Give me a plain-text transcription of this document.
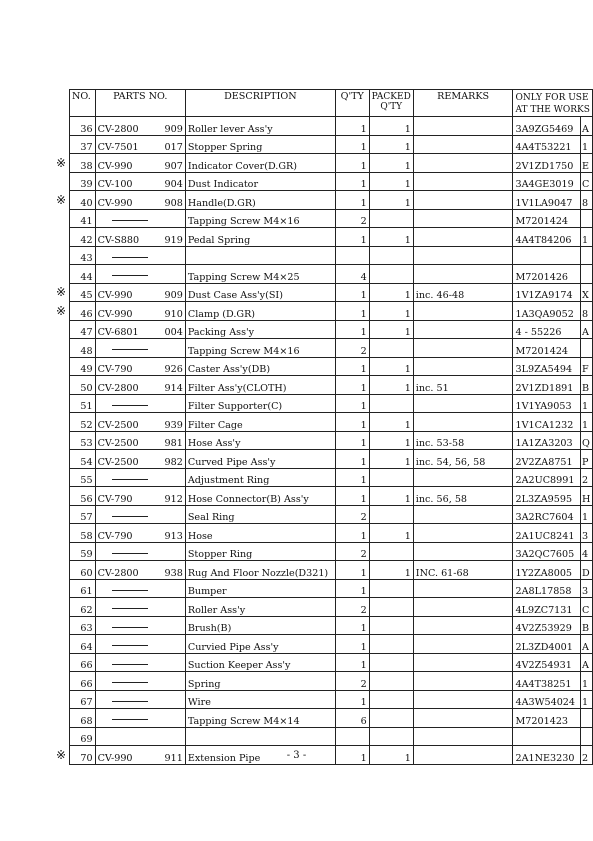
NO.	PARTS NO.		DESCRIPTION	Q'TY	PACKED
Q'TY	REMARKS	ONLY FOR USE
AT THE WORKS	
36	CV-2800	909	Roller lever Ass'y	1	1		3A9ZG5469	A
37	CV-7501	017	Stopper Spring	1	1		4A4T53221	1
38	CV-990	907	Indicator Cover(D.GR)	1	1		2V1ZD1750	E
39	CV-100	904	Dust Indicator	1	1		3A4GE3019	C
40	CV-990	908	Handle(D.GR)	1	1		1V1LA9047	8
41			Tapping Screw M4×16	2			M7201424	
42	CV-S880	919	Pedal Spring	1	1		4A4T84206	1
43								
44			Tapping Screw M4×25	4			M7201426	
45	CV-990	909	Dust Case Ass'y(SI)	1	1	inc. 46-48	1V1ZA9174	X
46	CV-990	910	Clamp (D.GR)	1	1		1A3QA9052	8
47	CV-6801	004	Packing Ass'y	1	1		4 - 55226	A
48			Tapping Screw M4×16	2			M7201424	
49	CV-790	926	Caster Ass'y(DB)	1	1		3L9ZA5494	F
50	CV-2800	914	Filter Ass'y(CLOTH)	1	1	inc. 51	2V1ZD1891	B
51			Filter Supporter(C)	1			1V1YA9053	1
52	CV-2500	939	Filter Cage	1	1		1V1CA1232	1
53	CV-2500	981	Hose Ass'y	1	1	inc. 53-58	1A1ZA3203	Q
54	CV-2500	982	Curved Pipe Ass'y	1	1	inc. 54, 56, 58	2V2ZA8751	P
55			Adjustment Ring	1			2A2UC8991	2
56	CV-790	912	Hose Connector(B) Ass'y	1	1	inc. 56, 58	2L3ZA9595	H
57			Seal Ring	2			3A2RC7604	1
58	CV-790	913	Hose	1	1		2A1UC8241	3
59			Stopper Ring	2			3A2QC7605	4
60	CV-2800	938	Rug And Floor Nozzle(D321)	1	1	INC. 61-68	1Y2ZA8005	D
61			Bumper	1			2A8L17858	3
62			Roller Ass'y	2			4L9ZC7131	C
63			Brush(B)	1			4V2Z53929	B
64			Curvied Pipe Ass'y	1			2L3ZD4001	A
66			Suction Keeper Ass'y	1			4V2Z54931	A
66			Spring	2			4A4T38251	1
67			Wire	1			4A3W54024	1
68			Tapping Screw M4×14	6			M7201423	
69								
70	CV-990	911	Extension Pipe	1	1		2A1NE3230	2
※
※
※
※
※	- 3 -
